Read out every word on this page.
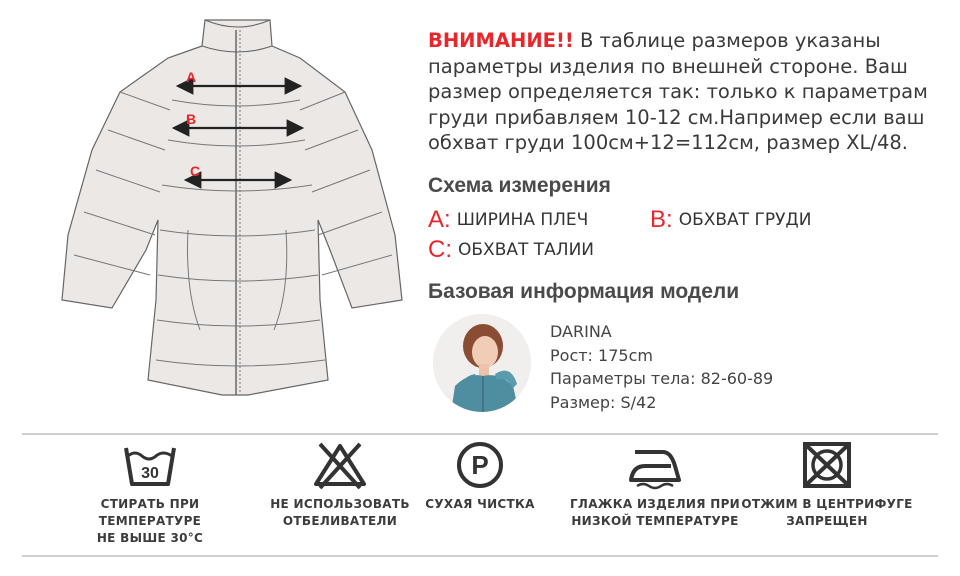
A
B
C
ВНИМАНИЕ!! В таблице размеров указаны
параметры изделия по внешней стороне. Ваш
размер определяется так: только к параметрам
груди прибавляем 10-12 см.Например если ваш
обхват груди 100см+12=112см, размер XL/48.
Схема измерения
A: ШИРИНА ПЛЕЧ	B: ОБХВАТ ГРУДИ
C: ОБХВАТ ТАЛИИ
Базовая информация модели
DARINA
Рост: 175cm
Параметры тела: 82-60-89
Размер: S/42
30
СТИРАТЬ ПРИ ТЕМПЕРАТУРЕ
НЕ ВЫШЕ 30°C
НЕ ИСПОЛЬЗОВАТЬ
ОТБЕЛИВАТЕЛИ
P
СУХАЯ ЧИСТКА	ГЛАЖКА ИЗДЕЛИЯ ПРИ
НИЗКОЙ ТЕМПЕРАТУРЕ
ОТЖИМ В ЦЕНТРИФУГЕ
ЗАПРЕЩЕН
